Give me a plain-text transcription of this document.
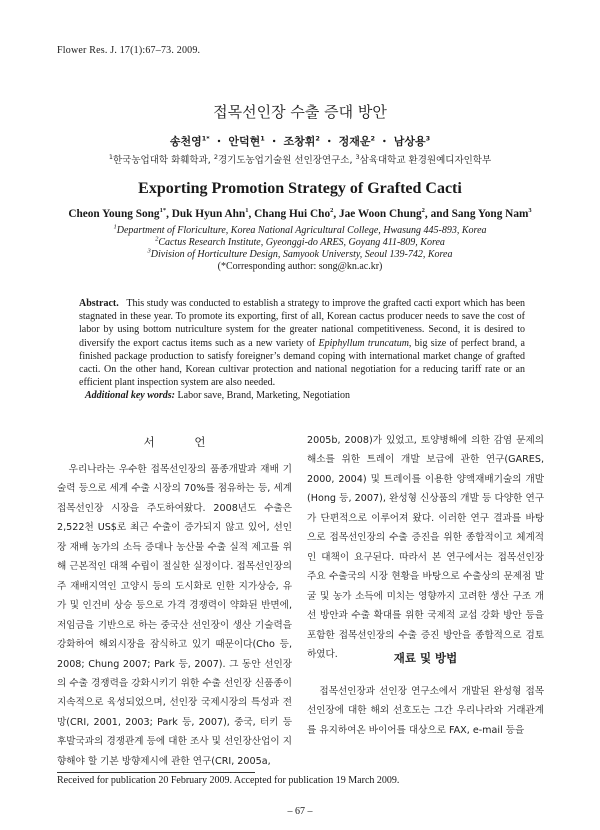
Flower Res. J. 17(1):67–73. 2009.
접목선인장 수출 증대 방안
송천영$^{1*}$ ・ 안덕현$^1$ ・ 조창휘$^2$ ・ 정재운$^2$ ・ 남상용$^3$
$^1$한국농업대학 화훼학과, $^2$경기도농업기술원 선인장연구소, $^3$삼육대학교 환경원예디자인학부
Exporting Promotion Strategy of Grafted Cacti
Cheon Young Song$^{1*}$, Duk Hyun Ahn$^1$, Chang Hui Cho$^2$, Jae Woon Chung$^2$, and Sang Yong Nam$^3$
$^1$Department of Floriculture, Korea National Agricultural College, Hwasung 445-893, Korea
$^2$Cactus Research Institute, Gyeonggi-do ARES, Goyang 411-809, Korea
$^3$Division of Horticulture Design, Samyook Universty, Seoul 139-742, Korea
(*Corresponding author: song@kn.ac.kr)
Abstract. This study was conducted to establish a strategy to improve the grafted cacti export which has been stagnated in these year. To promote its exporting, first of all, Korean cactus producer needs to save the cost of labor by using bottom nutriculture system for the greater national competitiveness. Second, it is desired to diversify the export cactus items such as a new variety of Epiphyllum truncatum, big size of perfect brand, a finished package production to satisfy foreigner’s demand coping with international market change of grafted cacti. On the other hand, Korean cultivar protection and national negotiation for a reducing tariff rate or an efficient plant inspection system are also needed.
Additional key words: Labor save, Brand, Marketing, Negotiation
서 언
우리나라는 우수한 접목선인장의 품종개발과 재배 기술력 등으로 세계 수출 시장의 70%를 점유하는 등, 세계 접목선인장 시장을 주도하여왔다. 2008년도 수출은 2,522천 US$로 최근 수출이 증가되지 않고 있어, 선인장 재배 농가의 소득 증대나 농산물 수출 실적 제고를 위해 근본적인 대책 수립이 절실한 실정이다. 접목선인장의 주 재배지역인 고양시 등의 도시화로 인한 지가상승, 유가 및 인건비 상승 등으로 가격 경쟁력이 약화된 반면에, 저임금을 기반으로 하는 중국산 선인장이 생산 기술력을 강화하여 해외시장을 잠식하고 있기 때문이다(Cho 등, 2008; Chung 2007; Park 등, 2007). 그 동안 선인장의 수출 경쟁력을 강화시키기 위한 수출 선인장 신품종이 지속적으로 육성되었으며, 선인장 국제시장의 특성과 전망(CRI, 2001, 2003; Park 등, 2007), 중국, 터키 등 후발국과의 경쟁관계 등에 대한 조사 및 선인장산업이 지향해야 할 기본 방향제시에 관한 연구(CRI, 2005a,
2005b, 2008)가 있었고, 토양병해에 의한 감염 문제의 해소를 위한 트레이 개발 보급에 관한 연구(GARES, 2000, 2004) 및 트레이를 이용한 양액재배기술의 개발(Hong 등, 2007), 완성형 신상품의 개발 등 다양한 연구가 단편적으로 이루어져 왔다. 이러한 연구 결과를 바탕으로 접목선인장의 수출 증진을 위한 종합적이고 체계적인 대책이 요구된다. 따라서 본 연구에서는 접목선인장 주요 수출국의 시장 현황을 바탕으로 수출상의 문제점 발굴 및 농가 소득에 미치는 영향까지 고려한 생산 구조 개선 방안과 수출 확대를 위한 국제적 교섭 강화 방안 등을 포함한 접목선인장의 수출 증진 방안을 종합적으로 검토하였다.	재료 및 방법
접목선인장과 선인장 연구소에서 개발된 완성형 접목선인장에 대한 해외 선호도는 그간 우리나라와 거래관계를 유지하여온 바이어를 대상으로 FAX, e-mail 등을
Received for publication 20 February 2009. Accepted for publication 19 March 2009.
– 67 –
